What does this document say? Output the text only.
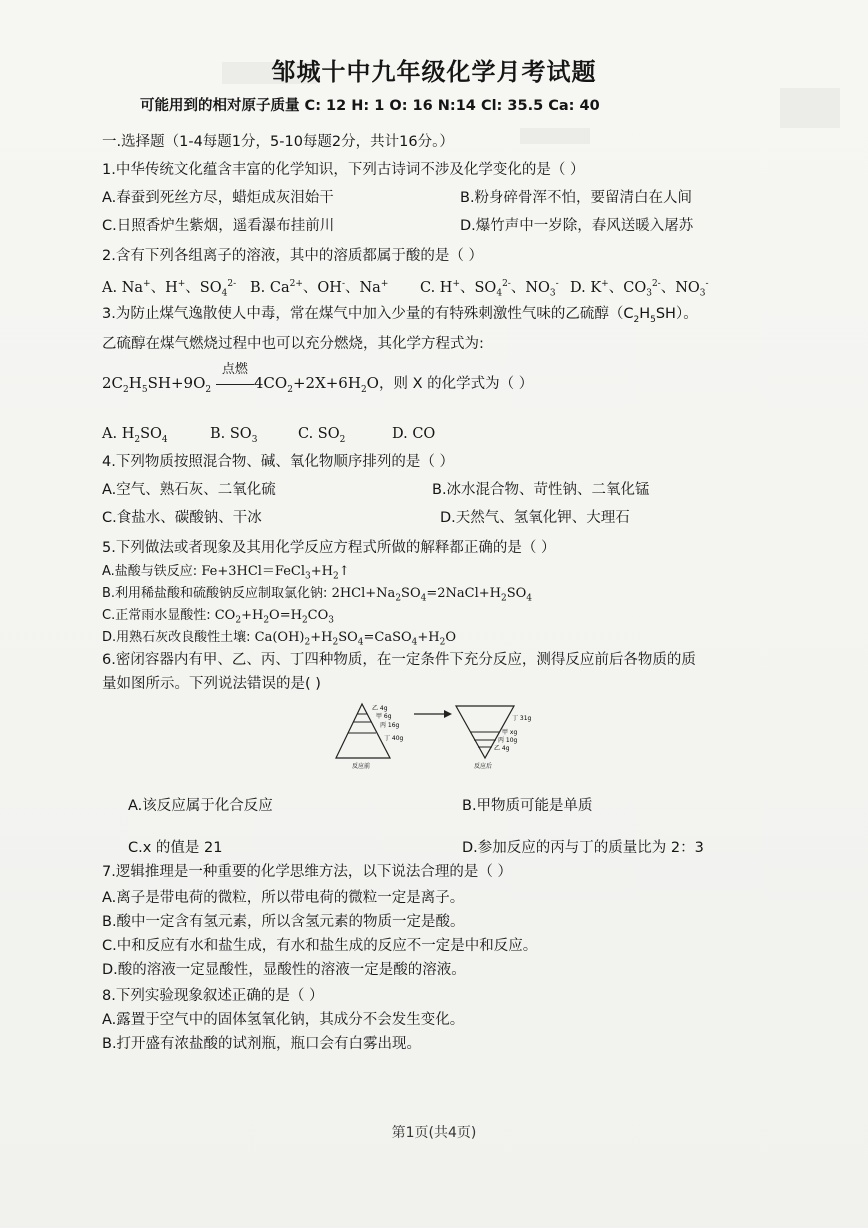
邹城十中九年级化学月考试题
可能用到的相对原子质量 C: 12 H: 1 O: 16 N:14 Cl: 35.5 Ca: 40
一.选择题（1-4每题1分，5-10每题2分，共计16分。）
1.中华传统文化蕴含丰富的化学知识，下列古诗词不涉及化学变化的是（ ）
A.春蚕到死丝方尽，蜡炬成灰泪始干	B.粉身碎骨浑不怕，要留清白在人间
C.日照香炉生紫烟，遥看瀑布挂前川	D.爆竹声中一岁除，春风送暖入屠苏
2.含有下列各组离子的溶液，其中的溶质都属于酸的是（ ）
A. Na+、H+、$SO_4^{2-}$ B. $Ca^{2+}$、OH-、Na+ C. H+、$SO_4^{2-}$、$NO_3^-$ D. K+、$CO_3^{2-}$、$NO_3^-$
3.为防止煤气逸散使人中毒，常在煤气中加入少量的有特殊刺激性气味的乙硫醇$(C_2H_5SH)$。
乙硫醇在煤气燃烧过程中也可以充分燃烧，其化学方程式为:
$2C_2H_5SH+9O_2$
点燃
$4CO_2+2X+6H_2O$，则 X 的化学式为（ ）
A. $H_2SO_4$	B. $SO_3$	C. $SO_2$	D. CO
4.下列物质按照混合物、碱、氧化物顺序排列的是（ ）
A.空气、熟石灰、二氧化硫	B.冰水混合物、苛性钠、二氧化锰
C.食盐水、碳酸钠、干冰	D.天然气、氢氧化钾、大理石
5.下列做法或者现象及其用化学反应方程式所做的解释都正确的是（ ）
A.盐酸与铁反应: $Fe+3HCl=FeCl_3+H_2↑$
B.利用稀盐酸和硫酸钠反应制取氯化钠: $2HCl+Na_2SO_4=2NaCl+H_2SO_4$
C.正常雨水显酸性: $CO_2+H_2O=H_2CO_3$
D.用熟石灰改良酸性土壤: $Ca(OH)_2+H_2SO_4=CaSO_4+H_2O$
6.密闭容器内有甲、乙、丙、丁四种物质，在一定条件下充分反应，测得反应前后各物质的质
量如图所示。下列说法错误的是( )
乙 4g
甲 6g
丙 16g
丁 40g
反应前
丁 31g
甲 xg
丙 10g
乙 4g
反应后
A.该反应属于化合反应	B.甲物质可能是单质
C.x 的值是 21	D.参加反应的丙与丁的质量比为 2：3
7.逻辑推理是一种重要的化学思维方法，以下说法合理的是（ ）
A.离子是带电荷的微粒，所以带电荷的微粒一定是离子。
B.酸中一定含有氢元素，所以含氢元素的物质一定是酸。
C.中和反应有水和盐生成，有水和盐生成的反应不一定是中和反应。
D.酸的溶液一定显酸性，显酸性的溶液一定是酸的溶液。
8.下列实验现象叙述正确的是（ ）
A.露置于空气中的固体氢氧化钠，其成分不会发生变化。
B.打开盛有浓盐酸的试剂瓶，瓶口会有白雾出现。
第1页(共4页)
